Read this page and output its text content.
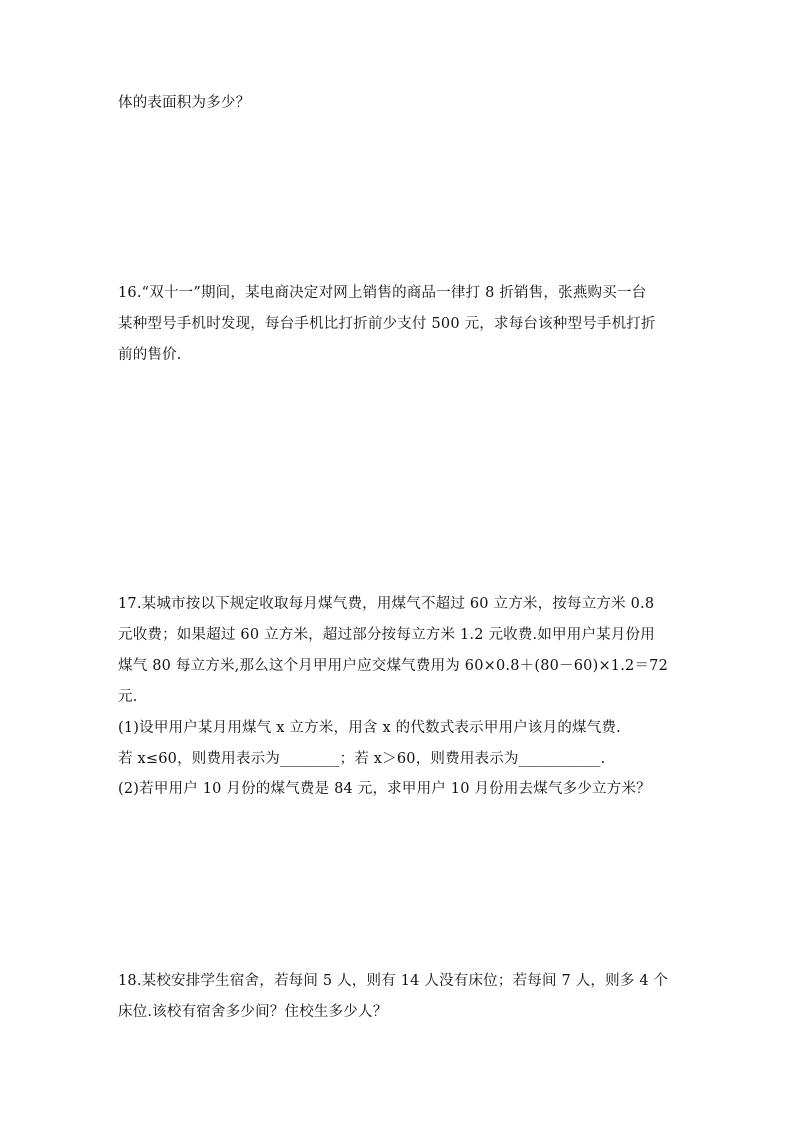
体的表面积为多少？
16.“双十一”期间，某电商决定对网上销售的商品一律打 8 折销售，张燕购买一台
某种型号手机时发现，每台手机比打折前少支付 500 元，求每台该种型号手机打折
前的售价.
17.某城市按以下规定收取每月煤气费，用煤气不超过 60 立方米，按每立方米 0.8
元收费；如果超过 60 立方米，超过部分按每立方米 1.2 元收费.如甲用户某月份用
煤气 80 每立方米,那么这个月甲用户应交煤气费用为 60×0.8＋(80－60)×1.2＝72
元.
(1)设甲用户某月用煤气 x 立方米，用含 x 的代数式表示甲用户该月的煤气费.
若 x≤60，则费用表示为________；若 x＞60，则费用表示为___________.
(2)若甲用户 10 月份的煤气费是 84 元，求甲用户 10 月份用去煤气多少立方米？
18.某校安排学生宿舍，若每间 5 人，则有 14 人没有床位；若每间 7 人，则多 4 个
床位.该校有宿舍多少间？住校生多少人？
